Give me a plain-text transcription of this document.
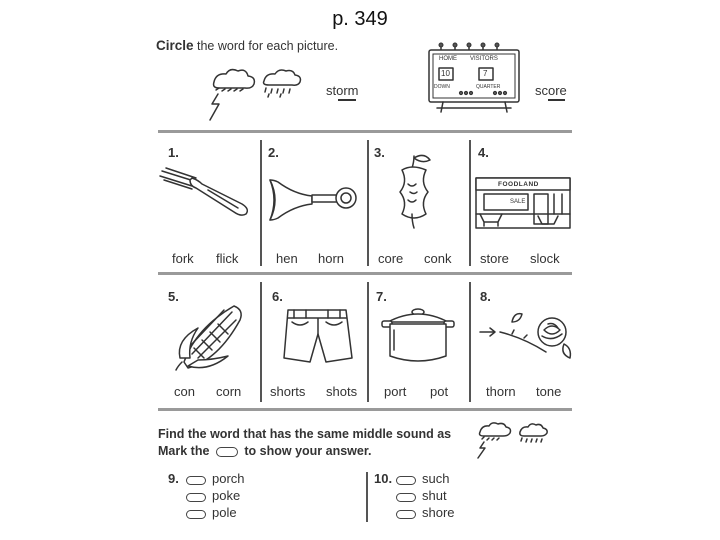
p. 349
Circle the word for each picture.
storm
HOME VISITORS
10	7
DOWN	QUARTER	score
1.
fork flick
2.
hen horn
3.
core conk
4.
FOODLAND
SALE
store slock
5.
con corn
6.
shorts shots
7.
port pot
8.
thorn tone
Find the word that has the same middle sound as
Mark the	to show your answer.
9.	porch
poke
pole
10. such
shut
shore
